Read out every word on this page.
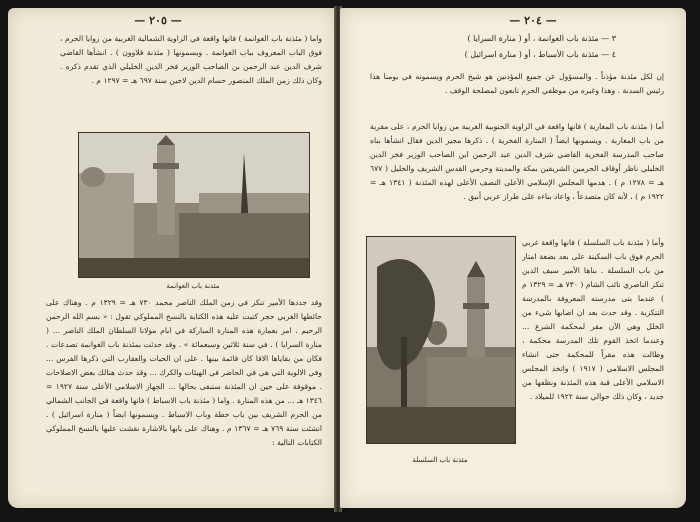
— ٢٠٥ —

واما ( مئذنة باب الغوانمة ) فانها واقعة في الزاوية الشمالية الغربية من زوايا الحرم ، فوق الباب المعروف بباب الغوانمة . ويسمونها ( مئذنة قلاوون ) . انشأها القاضي شرف الدين عبد الرحمن بن الصاحب الوزير فخر الدين الخليلي الذي تقدم ذكره . وكان ذلك زمن الملك المنصور حسام الدين لاجين سنة ٦٩٧ هـ = ١٢٩٧ م .

مئذنة باب الغوانمة

وقد جددها الأمير تنكز في زمن الملك الناصر محمد ٧٣٠ هـ = ١٣٢٩ م . وهناك على حائطها الغربي حجر كتبت عليه هذه الكتابة بالنسخ المملوكي تقول : « بسم الله الرحمن الرحيم . امر بعمارة هذه المنارة المباركة في ايام مولانا السلطان الملك الناصر ... ( منارة السرايا ) . في سنة ثلاثين وسبعمائة » . وقد حدثت بمئذنة باب الغوانمة تصدعات . فكان من بقاياها الاقا كان قائمة بينها . على ان الحيات والعقارب التي ذكرها الفرس ... وفي الالوية التي هي في الحاضر في الهيئات والكرك ... وقد حدث هنالك بعض الاصلاحات . موقوفة على حين ان المئذنة ستبقى بحالها ... الجهاز الاسلامي الأعلى سنة ١٩٢٧ = ١٣٤٦ هـ ... من هذه المنارة . واما ( مئذنة باب الاسباط ) فانها واقعة في الجانب الشمالي من الحرم الشريف بين باب حطة وباب الاسباط . ويسمونها ايضاً ( منارة اسرائيل ) . انشئت سنة ٧٦٩ هـ = ١٣٦٧ م . وهناك على بابها بالاشارة نقشت عليها بالنسخ المملوكي الكتابات التالية :

— ٢٠٤ —
٣ — مئذنة باب الغوانمة ، أو ( منارة السرايا )
٤ — مئذنة باب الأسباط ، أو ( منارة اسرائيل )

إن لكل مئذنة مؤذناً . والمسؤول عن جميع المؤذنين هو شيخ الحرم ويسمونه في يومنا هذا رئيس السدنة . وهذا وغيره من موظفي الحرم تابعون لمصلحة الوقف .

أما ( مئذنة باب المغاربة ) فانها واقعة في الزاوية الجنوبية الغربية من زوايا الحرم ، على مقربة من باب المغاربة . ويسمونها ايضاً ( المنارة الفخرية ) . ذكرها مجير الدين فقال انشأها بناه صاحب المدرسة الفخرية القاضي شرف الدين عبد الرحمن ابن الصاحب الوزير فخر الدين الخليلي ناظر أوقاف الحرمين الشريفين بمكة والمدينة وحرمي القدس الشريف والخليل ( ٦٧٧ هـ = ١٢٧٨ م ) . هدمها المجلس الإسلامي الأعلى النصف الأعلى لهذه المئذنة ( ١٣٤١ هـ = ١٩٢٢ م ) ، لأنه كان متصدعاً ، واعاد بناءه على طراز عربي أنيق .

مئذنة باب السلسلة

وأما ( مئذنة باب السلسلة ) فانها واقعة غربي الحرم فوق باب السكينة على بعد بضعة امتار من باب السلسلة . بناها الأمير سيف الدين تنكز الناصري نائب الشام ( ٧٣٠ هـ = ١٣٢٩ م ) عندما بنى مدرسته المعروفة بالمدرسة التنكزية . وقد حدث بعد ان اصابها شيء من الخلل وهي الآن مقر لمحكمة الشرع ... وعندما اتخذ القوم تلك المدرسة محكمة ، وطالت هذه مقراً للمحكمة حتى انشاء المجلس الاسلامي ( ١٩١٧ ) واتخذ المجلس الاسلامي الأعلى قبة هذه المئذنة ونظفها من جديد ، وكان ذلك حوالي سنة ١٩٢٢ للميلاد .
